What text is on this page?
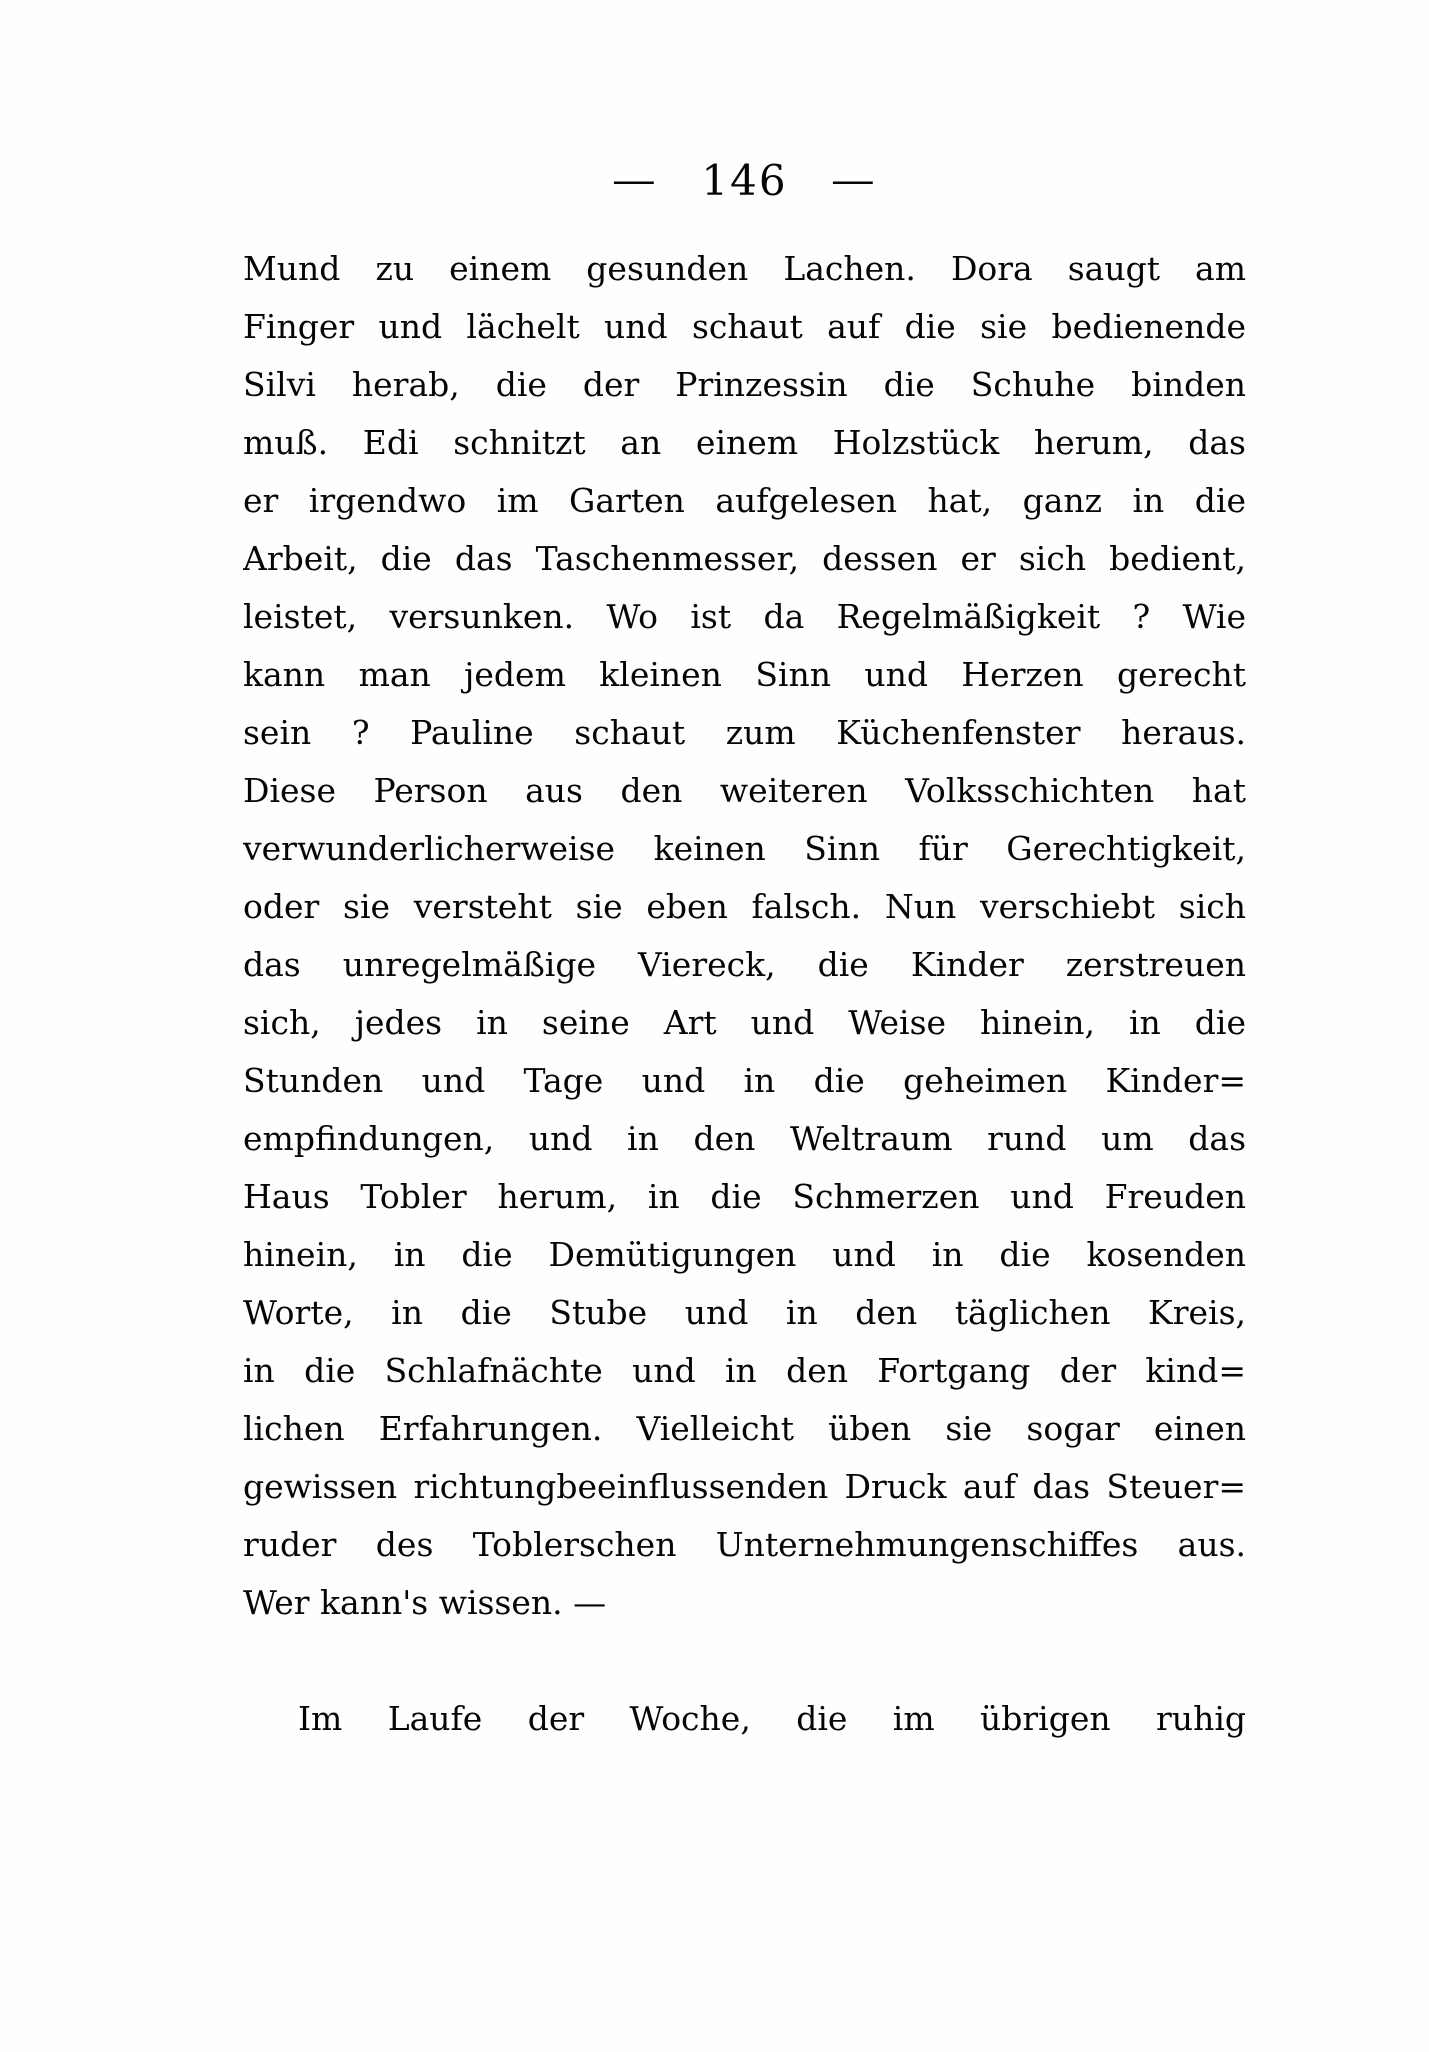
— 146 —
Mund zu einem gesunden Lachen. Dora saugt am
Finger und lächelt und schaut auf die sie bedienende
Silvi herab, die der Prinzessin die Schuhe binden
muß. Edi schnitzt an einem Holzstück herum, das
er irgendwo im Garten aufgelesen hat, ganz in die
Arbeit, die das Taschenmesser, dessen er sich bedient,
leistet, versunken. Wo ist da Regelmäßigkeit ? Wie
kann man jedem kleinen Sinn und Herzen gerecht
sein ? Pauline schaut zum Küchenfenster heraus.
Diese Person aus den weiteren Volksschichten hat
verwunderlicherweise keinen Sinn für Gerechtigkeit,
oder sie versteht sie eben falsch. Nun verschiebt sich
das unregelmäßige Viereck, die Kinder zerstreuen
sich, jedes in seine Art und Weise hinein, in die
Stunden und Tage und in die geheimen Kinder=
empfindungen, und in den Weltraum rund um das
Haus Tobler herum, in die Schmerzen und Freuden
hinein, in die Demütigungen und in die kosenden
Worte, in die Stube und in den täglichen Kreis,
in die Schlafnächte und in den Fortgang der kind=
lichen Erfahrungen. Vielleicht üben sie sogar einen
gewissen richtungbeeinflussenden Druck auf das Steuer=
ruder des Toblerschen Unternehmungenschiffes aus.
Wer kann's wissen. —
Im Laufe der Woche, die im übrigen ruhig
